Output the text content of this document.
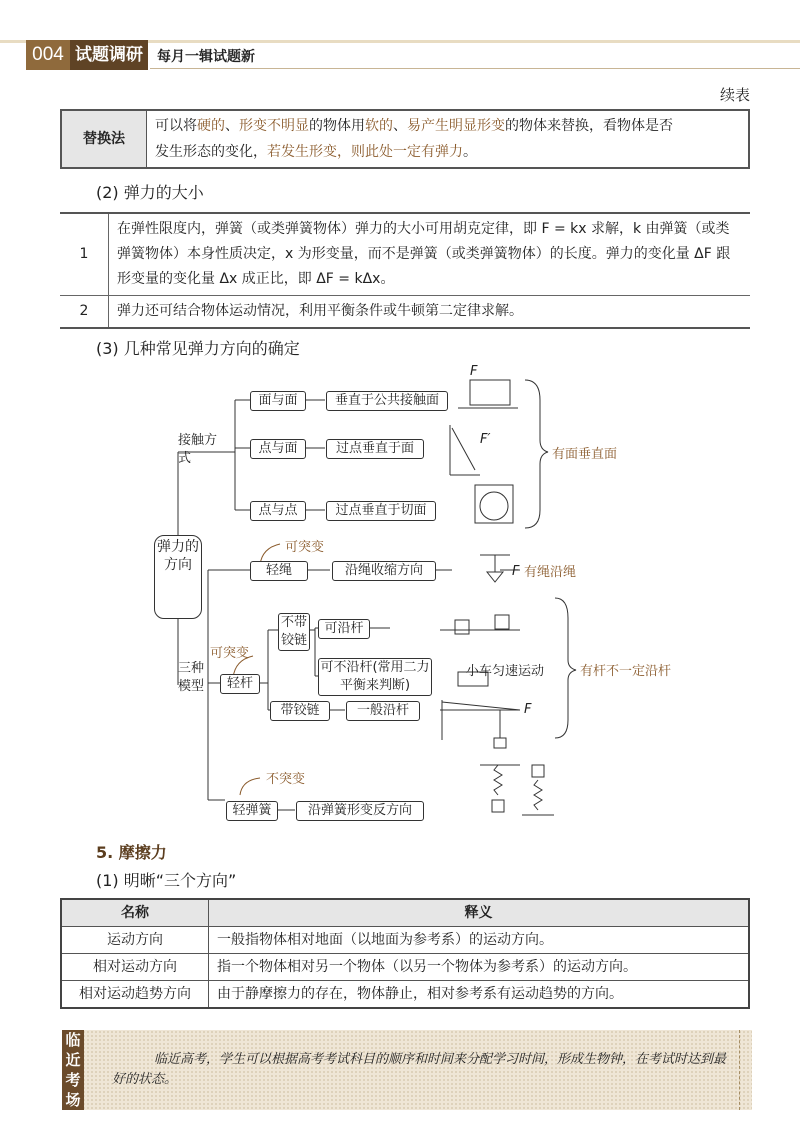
004 试题调研	每月一辑试题新
续表
替换法	可以将硬的、形变不明显的物体用软的、易产生明显形变的物体来替换，看物体是否
发生形态的变化，若发生形变，则此处一定有弹力。
(2) 弹力的大小
1	在弹性限度内，弹簧（或类弹簧物体）弹力的大小可用胡克定律，即 F = kx 求解，k 由弹簧（或类弹簧物体）本身性质决定，x 为形变量，而不是弹簧（或类弹簧物体）的长度。弹力的变化量 ΔF 跟形变量的变化量 Δx 成正比，即 ΔF = kΔx。
2	弹力还可结合物体运动情况，利用平衡条件或牛顿第二定律求解。
(3) 几种常见弹力方向的确定
弹力的方向
接触方式
面与面	垂直于公共接触面
点与面	过点垂直于面
点与点	过点垂直于切面
有面垂直面
三种模型
可突变
轻绳	沿绳收缩方向	有绳沿绳
可突变
轻杆
不带铰链
可沿杆
可不沿杆(常用二力平衡来判断)
小车匀速运动
带铰链	一般沿杆
有杆不一定沿杆
不突变
轻弹簧	沿弹簧形变反方向
F
F′
F
F
5. 摩擦力
(1) 明晰“三个方向”
名称	释义
运动方向	一般指物体相对地面（以地面为参考系）的运动方向。
相对运动方向	指一个物体相对另一个物体（以另一个物体为参考系）的运动方向。
相对运动趋势方向	由于静摩擦力的存在，物体静止，相对参考系有运动趋势的方向。
临近考场
临近高考，学生可以根据高考考试科目的顺序和时间来分配学习时间，形成生物钟，在考试时达到最好的状态。
